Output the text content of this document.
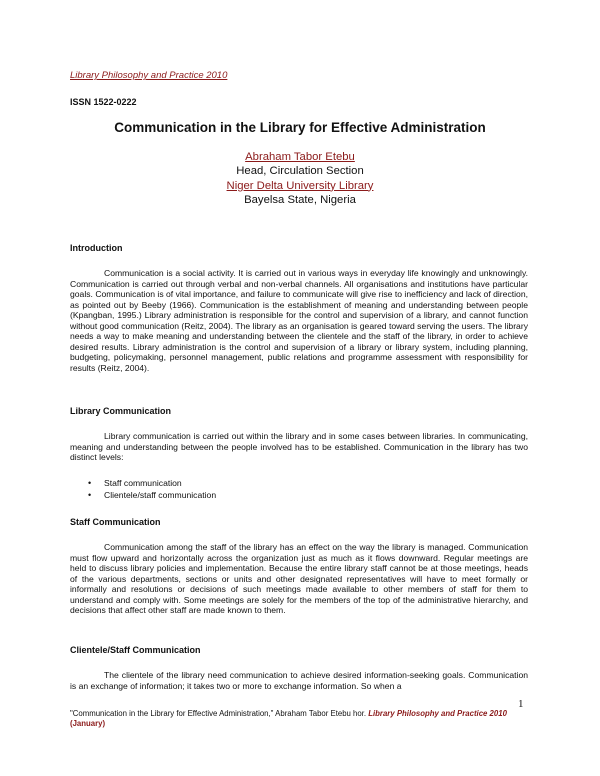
Library Philosophy and Practice 2010
ISSN 1522-0222
Communication in the Library for Effective Administration
Abraham Tabor Etebu
Head, Circulation Section
Niger Delta University Library
Bayelsa State, Nigeria
Introduction

Communication is a social activity. It is carried out in various ways in everyday life knowingly and unknowingly. Communication is carried out through verbal and non-verbal channels. All organisations and institutions have particular goals. Communication is of vital importance, and failure to communicate will give rise to inefficiency and lack of direction, as pointed out by Beeby (1966). Communication is the establishment of meaning and understanding between people (Kpangban, 1995.) Library administration is responsible for the control and supervision of a library, and cannot function without good communication (Reitz, 2004). The library as an organisation is geared toward serving the users. The library needs a way to make meaning and understanding between the clientele and the staff of the library, in order to achieve desired results. Library administration is the control and supervision of a library or library system, including planning, budgeting, policymaking, personnel management, public relations and programme assessment with responsibility for results (Reitz, 2004).

Library Communication

Library communication is carried out within the library and in some cases between libraries. In communicating, meaning and understanding between the people involved has to be established. Communication in the library has two distinct levels:

• Staff communication
• Clientele/staff communication
Staff Communication

Communication among the staff of the library has an effect on the way the library is managed. Communication must flow upward and horizontally across the organization just as much as it flows downward. Regular meetings are held to discuss library policies and implementation. Because the entire library staff cannot be at those meetings, heads of the various departments, sections or units and other designated representatives will have to meet formally or informally and resolutions or decisions of such meetings made available to other members of staff for them to understand and comply with. Some meetings are solely for the members of the top of the administrative hierarchy, and decisions that affect other staff are made known to them.

Clientele/Staff Communication

The clientele of the library need communication to achieve desired information-seeking goals. Communication is an exchange of information; it takes two or more to exchange information. So when a

1
"Communication in the Library for Effective Administration," Abraham Tabor Etebu hor. Library Philosophy and Practice 2010
(January)
